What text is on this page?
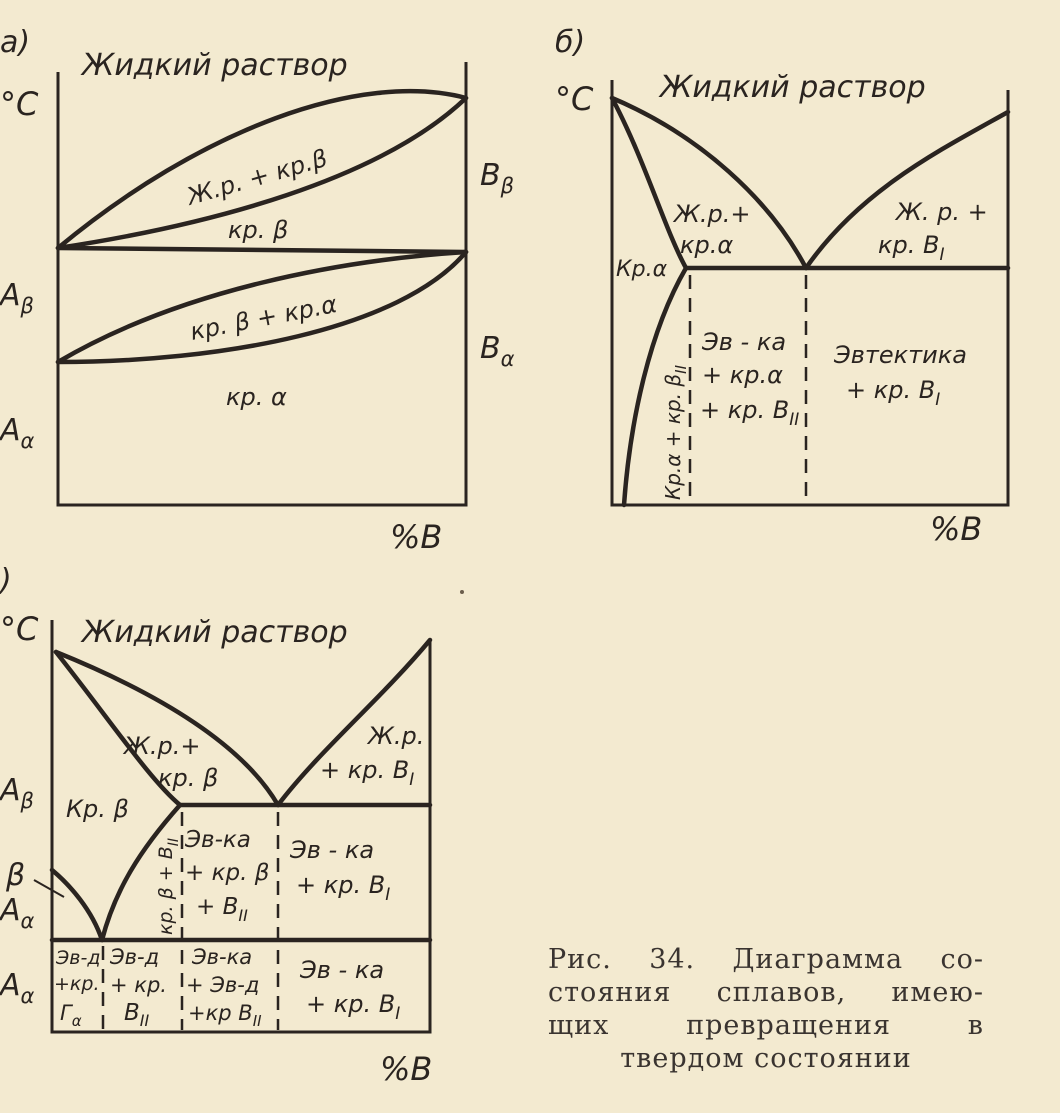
а)
°C
Жидкий раствор
Ж.р. + кр.β
кр. β
кр. β + кр.α
кр. α
$A_\beta$
$A_\alpha$
$B_\beta$
$B_\alpha$
%B
б)
°C Жидкий раствор
Ж.р.+
кр.α
Ж. р. +
кр. $B_I$
Кр.α
Эв - ка
+ кр.α
+ кр. $B_{II}$
Эвтектика
+ кр. $B_I$
Кр.α + кр. $\beta_{II}$
%B
)
°C Жидкий раствор
Ж.р.+
кр. β
Ж.р.
+ кр. $B_I$
Кр. β
Эв-ка
+ кр. β
+ $B_{II}$
Эв - ка
+ кр. $B_I$
кр. $\beta + B_{II}$
Эв-д
+кр.
$Г_\alpha$
Эв-д
+ кр.
$B_{II}$
Эв-ка
+ Эв-д
+кр $B_{II}$
Эв - ка
+ кр. $B_I$
$A_\beta$
β
$A_\alpha$
$A_\alpha$
%B
Рис. 34. Диаграмма со-
стояния сплавов, имею-
щих превращения в
твердом состоянии
